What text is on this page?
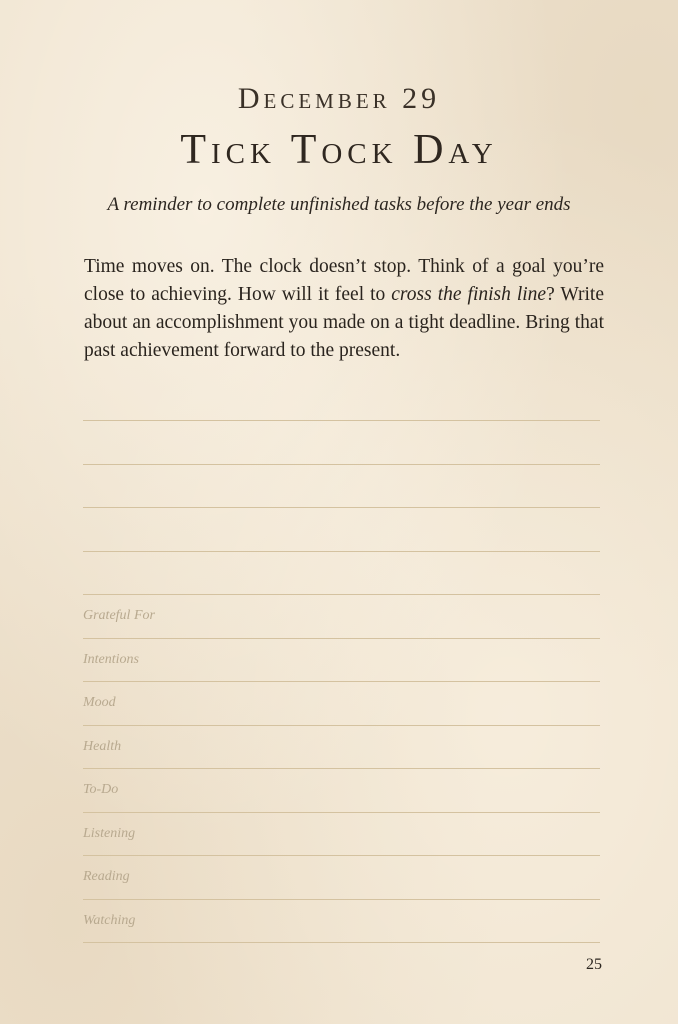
December 29
Tick Tock Day

A reminder to complete unfinished tasks before the year ends

Time moves on. The clock doesn’t stop. Think of a goal you’re close to achieving. How will it feel to cross the finish line? Write about an accomplishment you made on a tight deadline. Bring that past achievement forward to the present.

Grateful For
Intentions
Mood
Health
To-Do
Listening
Reading
Watching
25
